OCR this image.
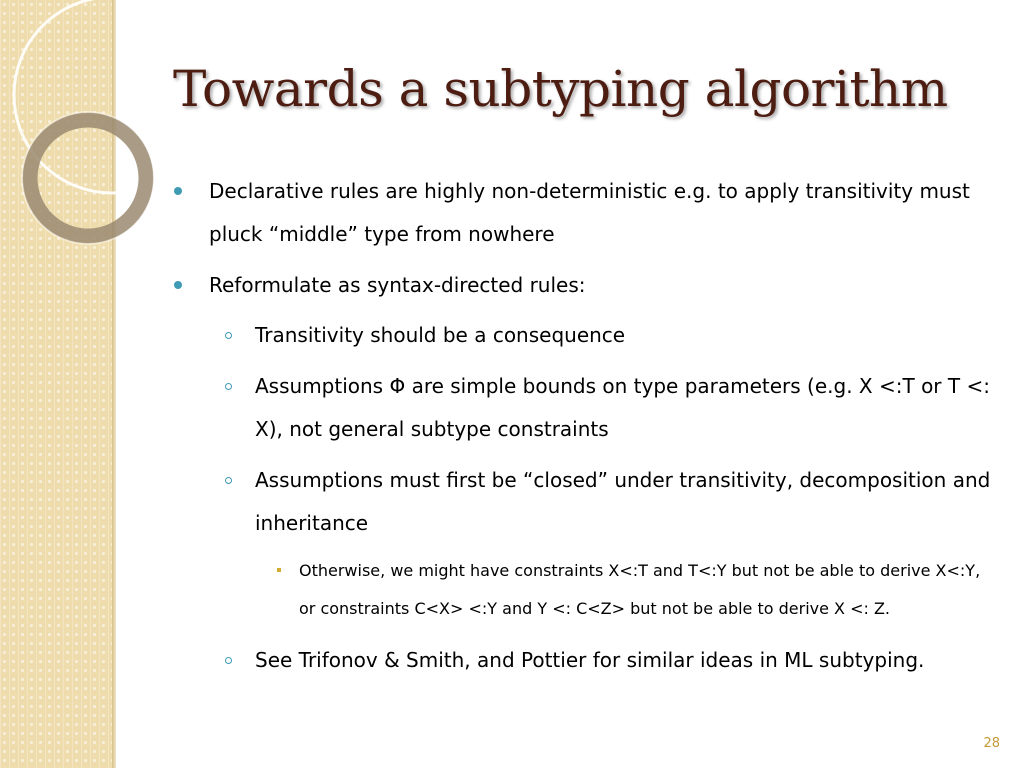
Towards a subtyping algorithm
Declarative rules are highly non-deterministic e.g. to apply transitivity must pluck “middle” type from nowhere
Reformulate as syntax-directed rules:
Transitivity should be a consequence
Assumptions Φ are simple bounds on type parameters (e.g. X <:T or T <: X), not general subtype constraints
Assumptions must first be “closed” under transitivity, decomposition and inheritance
Otherwise, we might have constraints X<:T and T<:Y but not be able to derive X<:Y, or constraints C<X> <:Y and Y <: C<Z> but not be able to derive X <: Z.
See Trifonov & Smith, and Pottier for similar ideas in ML subtyping.
28
